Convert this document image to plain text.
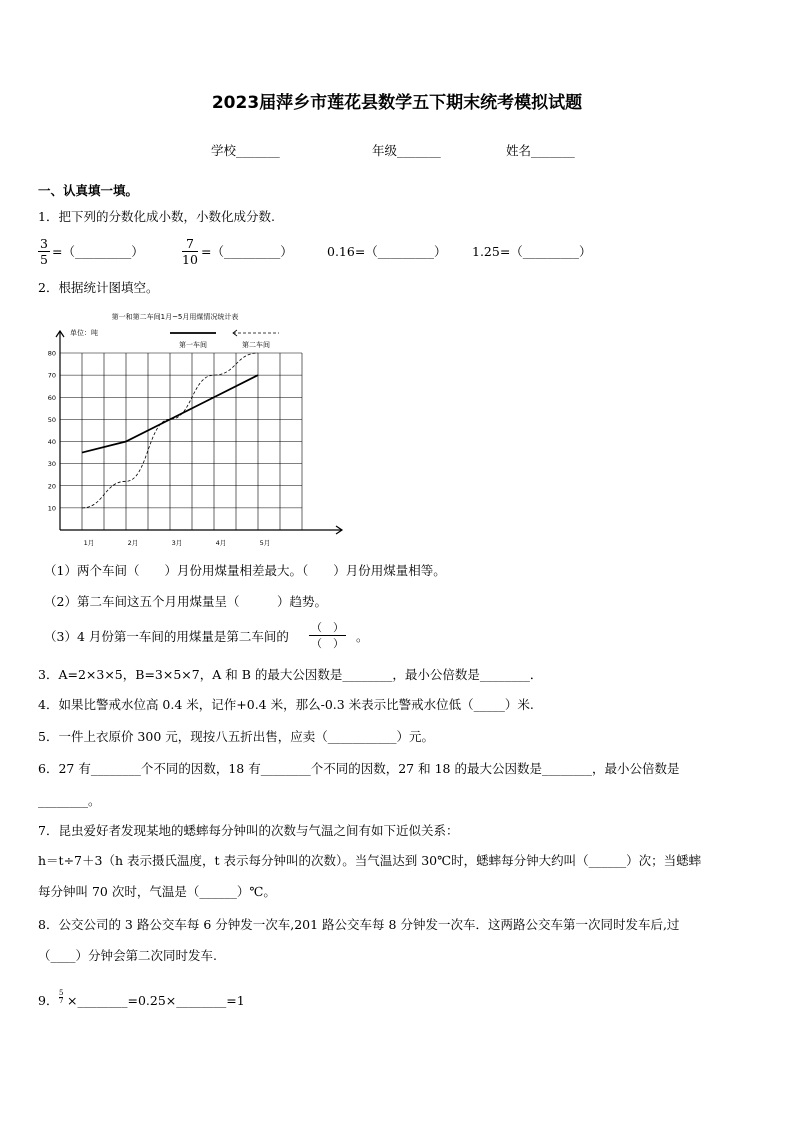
2023届萍乡市莲花县数学五下期末统考模拟试题
学校_______	年级_______	姓名_______
一、认真填一填。
1．把下列的分数化成小数，小数化成分数.
$\frac{3}{5}$ =（_________）	$\frac{7}{10}$ =（_________）	0.16=（_________） 1.25=（_________）
2．根据统计图填空。
第一和第二车间1月~5月用煤情况统计表
单位：吨
第一车间	第二车间
10
20
30
40
50
60
70
80
1月	2月	3月	4月	5月
（1）两个车间（　　）月份用煤量相差最大。（　　）月份用煤量相等。
（2）第二车间这五个月用煤量呈（　　　）趋势。
（3）4 月份第一车间的用煤量是第二车间的
（　）
（　） 。
3．A=2×3×5，B=3×5×7，A 和 B 的最大公因数是________，最小公倍数是________．
4．如果比警戒水位高 0.4 米，记作+0.4 米，那么-0.3 米表示比警戒水位低（_____）米.
5．一件上衣原价 300 元，现按八五折出售，应卖（___________）元。
6．27 有________个不同的因数，18 有________个不同的因数，27 和 18 的最大公因数是________，最小公倍数是
________。
7．昆虫爱好者发现某地的蟋蟀每分钟叫的次数与气温之间有如下近似关系：
h＝t÷7＋3（h 表示摄氏温度，t 表示每分钟叫的次数）。当气温达到 30℃时，蟋蟀每分钟大约叫（______）次；当蟋蟀
每分钟叫 70 次时，气温是（______）℃。
8．公交公司的 3 路公交车每 6 分钟发一次车,201 路公交车每 8 分钟发一次车．这两路公交车第一次同时发车后,过
（____）分钟会第二次同时发车.
9． $\frac{5}{7}$ ×________=0.25×________=1
